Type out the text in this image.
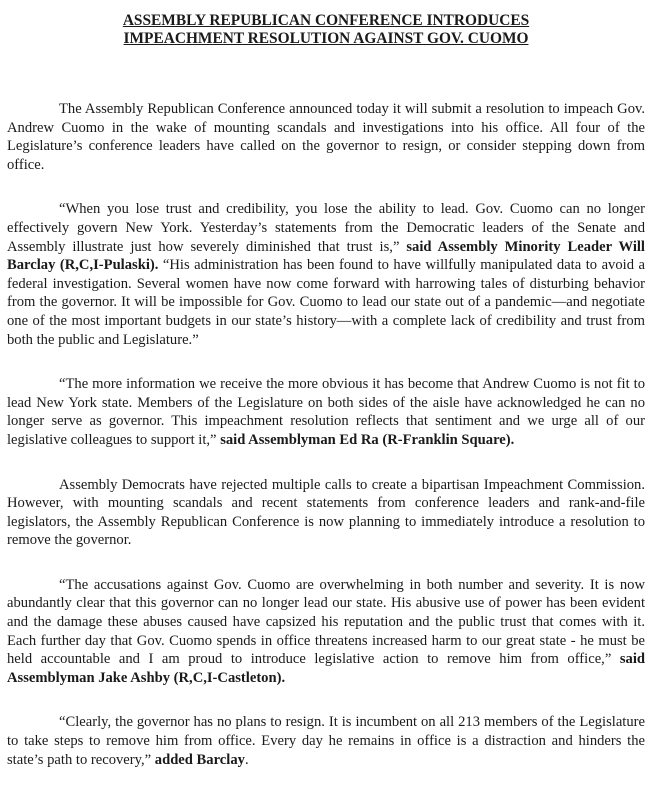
ASSEMBLY REPUBLICAN CONFERENCE INTRODUCES
IMPEACHMENT RESOLUTION AGAINST GOV. CUOMO

The Assembly Republican Conference announced today it will submit a resolution to impeach Gov. Andrew Cuomo in the wake of mounting scandals and investigations into his office. All four of the Legislature’s conference leaders have called on the governor to resign, or consider stepping down from office.

“When you lose trust and credibility, you lose the ability to lead. Gov. Cuomo can no longer effectively govern New York. Yesterday’s statements from the Democratic leaders of the Senate and Assembly illustrate just how severely diminished that trust is,” said Assembly Minority Leader Will Barclay (R,C,I-Pulaski). “His administration has been found to have willfully manipulated data to avoid a federal investigation. Several women have now come forward with harrowing tales of disturbing behavior from the governor. It will be impossible for Gov. Cuomo to lead our state out of a pandemic—and negotiate one of the most important budgets in our state’s history—with a complete lack of credibility and trust from both the public and Legislature.”

“The more information we receive the more obvious it has become that Andrew Cuomo is not fit to lead New York state. Members of the Legislature on both sides of the aisle have acknowledged he can no longer serve as governor. This impeachment resolution reflects that sentiment and we urge all of our legislative colleagues to support it,” said Assemblyman Ed Ra (R-Franklin Square).

Assembly Democrats have rejected multiple calls to create a bipartisan Impeachment Commission. However, with mounting scandals and recent statements from conference leaders and rank-and-file legislators, the Assembly Republican Conference is now planning to immediately introduce a resolution to remove the governor.

“The accusations against Gov. Cuomo are overwhelming in both number and severity. It is now abundantly clear that this governor can no longer lead our state. His abusive use of power has been evident and the damage these abuses caused have capsized his reputation and the public trust that comes with it. Each further day that Gov. Cuomo spends in office threatens increased harm to our great state - he must be held accountable and I am proud to introduce legislative action to remove him from office,” said Assemblyman Jake Ashby (R,C,I-Castleton).

“Clearly, the governor has no plans to resign. It is incumbent on all 213 members of the Legislature to take steps to remove him from office. Every day he remains in office is a distraction and hinders the state’s path to recovery,” added Barclay.
